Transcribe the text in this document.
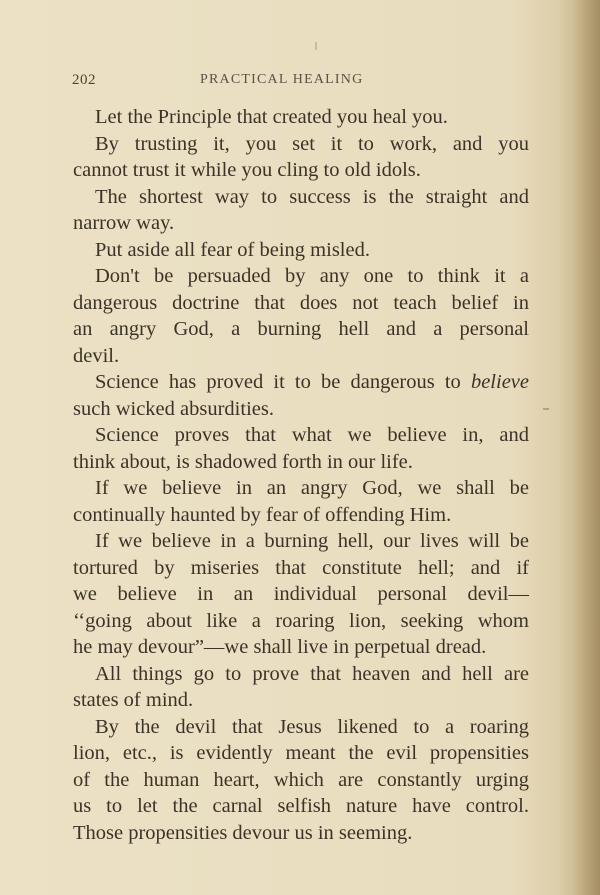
202	PRACTICAL HEALING
Let the Principle that created you heal you.
By trusting it, you set it to work, and you
cannot trust it while you cling to old idols.
The shortest way to success is the straight and
narrow way.
Put aside all fear of being misled.
Don't be persuaded by any one to think it a
dangerous doctrine that does not teach belief in
an angry God, a burning hell and a personal
devil.
Science has proved it to be dangerous to believe
such wicked absurdities.
Science proves that what we believe in, and
think about, is shadowed forth in our life.
If we believe in an angry God, we shall be
continually haunted by fear of offending Him.
If we believe in a burning hell, our lives will be
tortured by miseries that constitute hell; and if
we believe in an individual personal devil—
‘‘going about like a roaring lion, seeking whom
he may devour”—we shall live in perpetual dread.
All things go to prove that heaven and hell are
states of mind.
By the devil that Jesus likened to a roaring
lion, etc., is evidently meant the evil propensities
of the human heart, which are constantly urging
us to let the carnal selfish nature have control.
Those propensities devour us in seeming.
